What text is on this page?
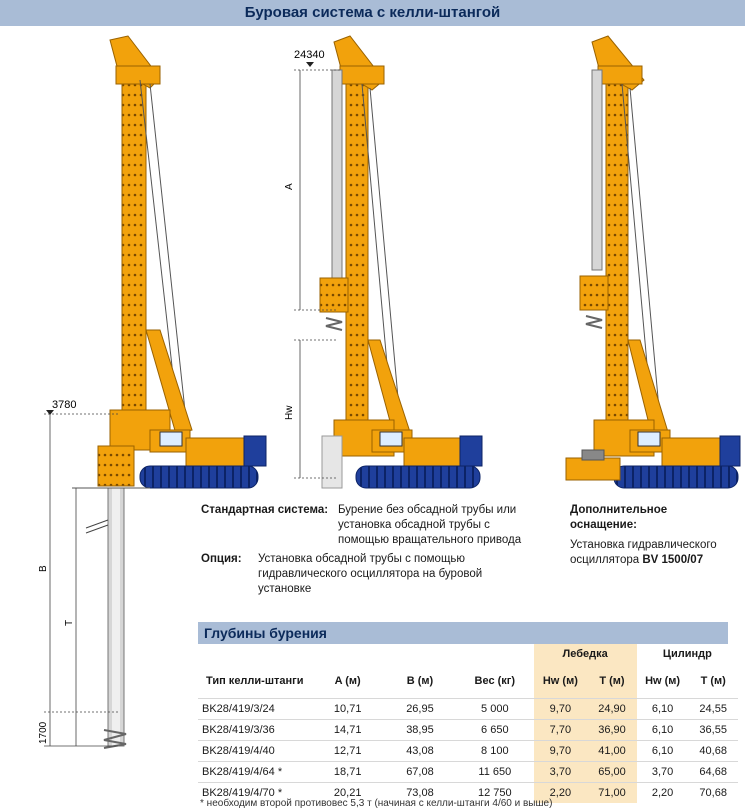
Буровая система с келли-штангой
3780
24340
A
Hw
B
T
1700
Стандартная система: Бурение без обсадной трубы или установка обсадной трубы с помощью вращательного привода
Опция: Установка обсадной трубы с помощью гидравлического осциллятора на буровой установке
Дополнительное оснащение:
Установка гидравлического осциллятора BV 1500/07
Глубины бурения
				Лебедка		Цилиндр	
Тип келли-штанги	A (м)	B (м)	Вес (кг)	Hw (м)	T (м)	Hw (м)	T (м)
BK28/419/3/24	10,71	26,95	5 000	9,70	24,90	6,10	24,55
BK28/419/3/36	14,71	38,95	6 650	7,70	36,90	6,10	36,55
BK28/419/4/40	12,71	43,08	8 100	9,70	41,00	6,10	40,68
BK28/419/4/64 *	18,71	67,08	11 650	3,70	65,00	3,70	64,68
BK28/419/4/70 *	20,21	73,08	12 750	2,20	71,00	2,20	70,68
* необходим второй противовес 5,3 т (начиная с келли-штанги 4/60 и выше)
